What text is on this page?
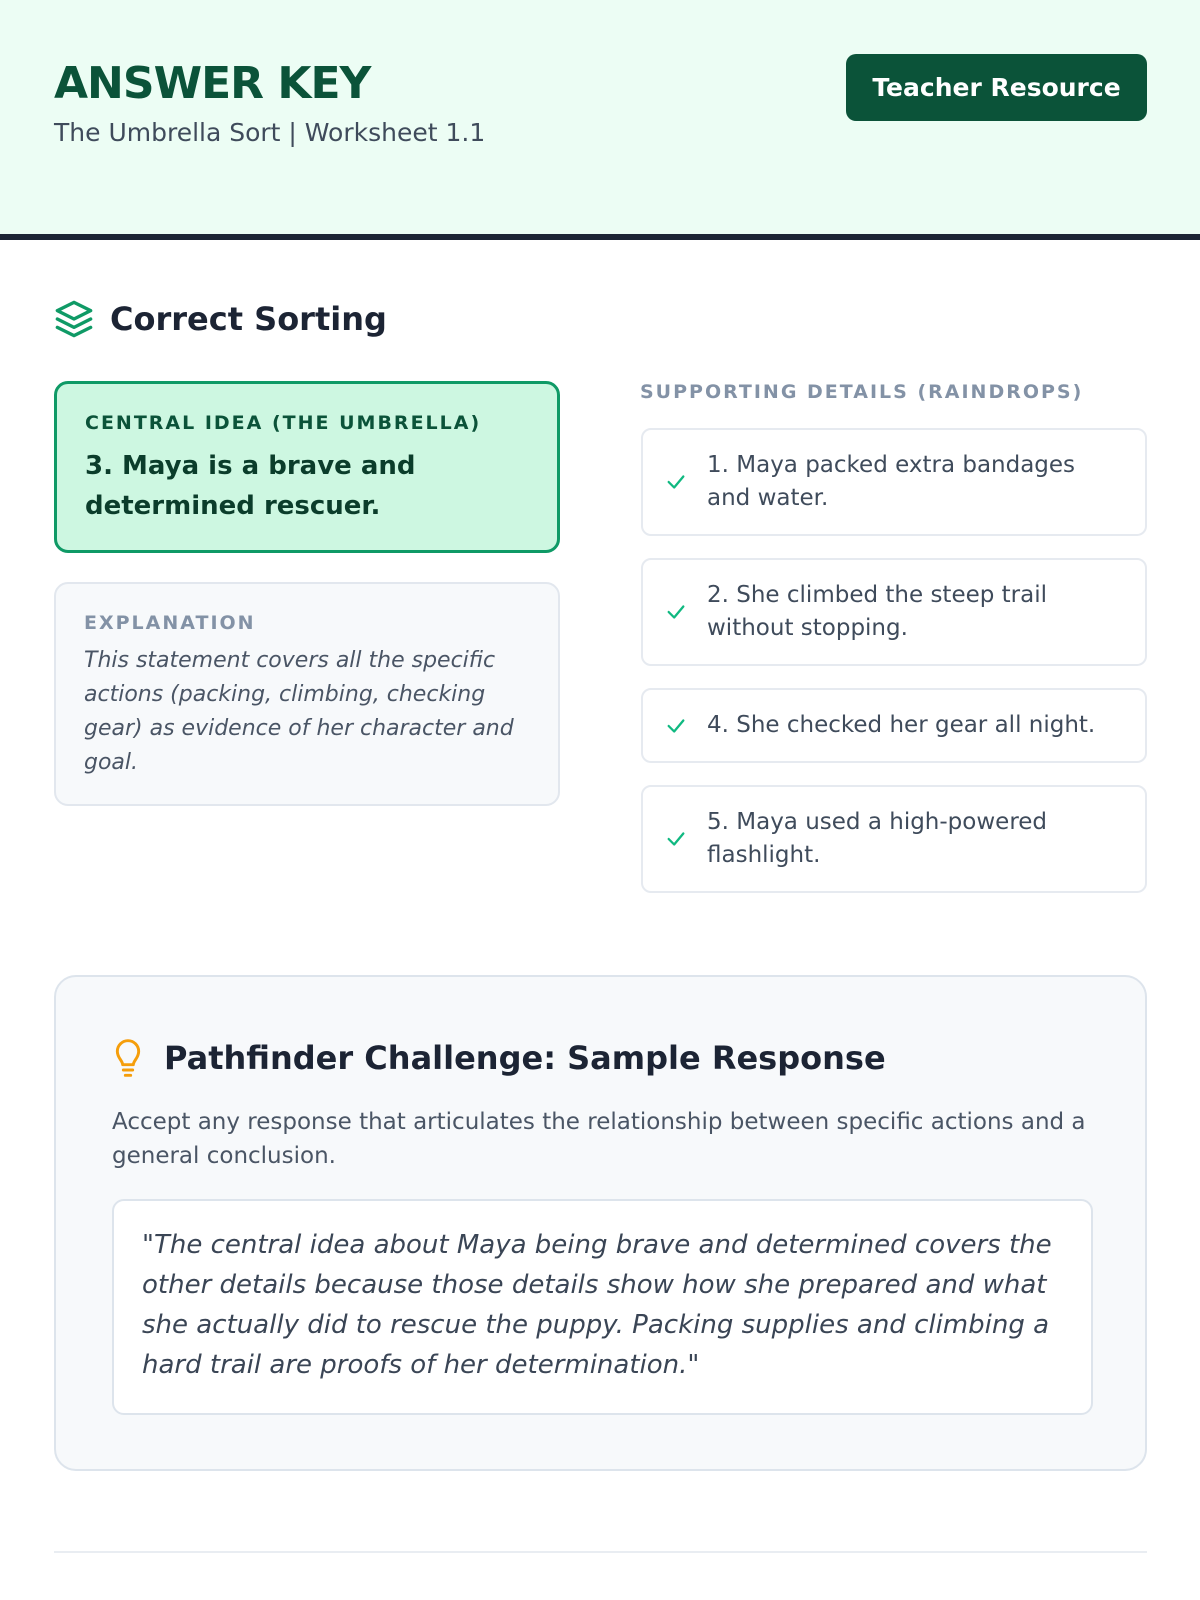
ANSWER KEY
The Umbrella Sort | Worksheet 1.1
Teacher Resource
Correct Sorting
CENTRAL IDEA (THE UMBRELLA)
3. Maya is a brave and determined rescuer.
EXPLANATION
This statement covers all the specific actions (packing, climbing, checking gear) as evidence of her character and goal.
SUPPORTING DETAILS (RAINDROPS)
1. Maya packed extra bandages and water.
2. She climbed the steep trail without stopping.
4. She checked her gear all night.
5. Maya used a high-powered flashlight.
Pathfinder Challenge: Sample Response
Accept any response that articulates the relationship between specific actions and a general conclusion.
"The central idea about Maya being brave and determined covers the other details because those details show how she prepared and what she actually did to rescue the puppy. Packing supplies and climbing a hard trail are proofs of her determination."
